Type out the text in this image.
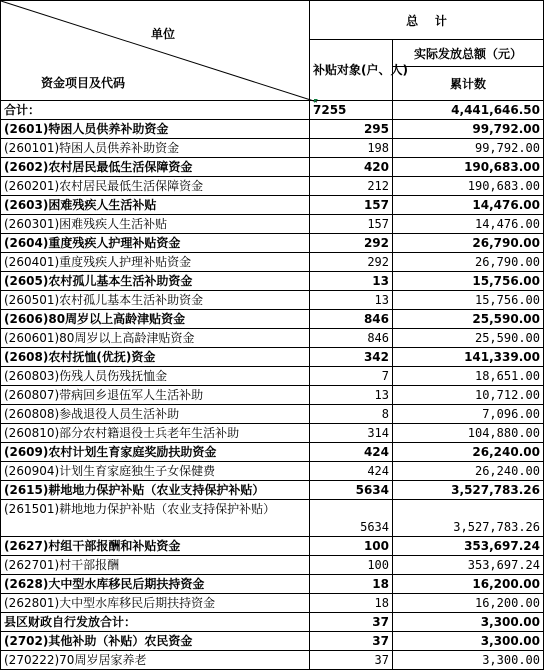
单位
资金项目及代码	总    计	
	补贴对象(户、人)	实际发放总额（元）
		累计数
合计：	7255	4,441,646.50
(2601)特困人员供养补助资金	295	99,792.00
(260101)特困人员供养补助资金	198	99,792.00
(2602)农村居民最低生活保障资金	420	190,683.00
(260201)农村居民最低生活保障资金	212	190,683.00
(2603)困难残疾人生活补贴	157	14,476.00
(260301)困难残疾人生活补贴	157	14,476.00
(2604)重度残疾人护理补贴资金	292	26,790.00
(260401)重度残疾人护理补贴资金	292	26,790.00
(2605)农村孤儿基本生活补助资金	13	15,756.00
(260501)农村孤儿基本生活补助资金	13	15,756.00
(2606)80周岁以上高龄津贴资金	846	25,590.00
(260601)80周岁以上高龄津贴资金	846	25,590.00
(2608)农村抚恤(优抚)资金	342	141,339.00
(260803)伤残人员伤残抚恤金	7	18,651.00
(260807)带病回乡退伍军人生活补助	13	10,712.00
(260808)参战退役人员生活补助	8	7,096.00
(260810)部分农村籍退役士兵老年生活补助	314	104,880.00
(2609)农村计划生育家庭奖励扶助资金	424	26,240.00
(260904)计划生育家庭独生子女保健费	424	26,240.00
(2615)耕地地力保护补贴（农业支持保护补贴）	5634	3,527,783.26
(261501)耕地地力保护补贴（农业支持保护补贴）	5634	3,527,783.26
(2627)村组干部报酬和补贴资金	100	353,697.24
(262701)村干部报酬	100	353,697.24
(2628)大中型水库移民后期扶持资金	18	16,200.00
(262801)大中型水库移民后期扶持资金	18	16,200.00
县区财政自行发放合计：	37	3,300.00
(2702)其他补助（补贴）农民资金	37	3,300.00
(270222)70周岁居家养老	37	3,300.00
